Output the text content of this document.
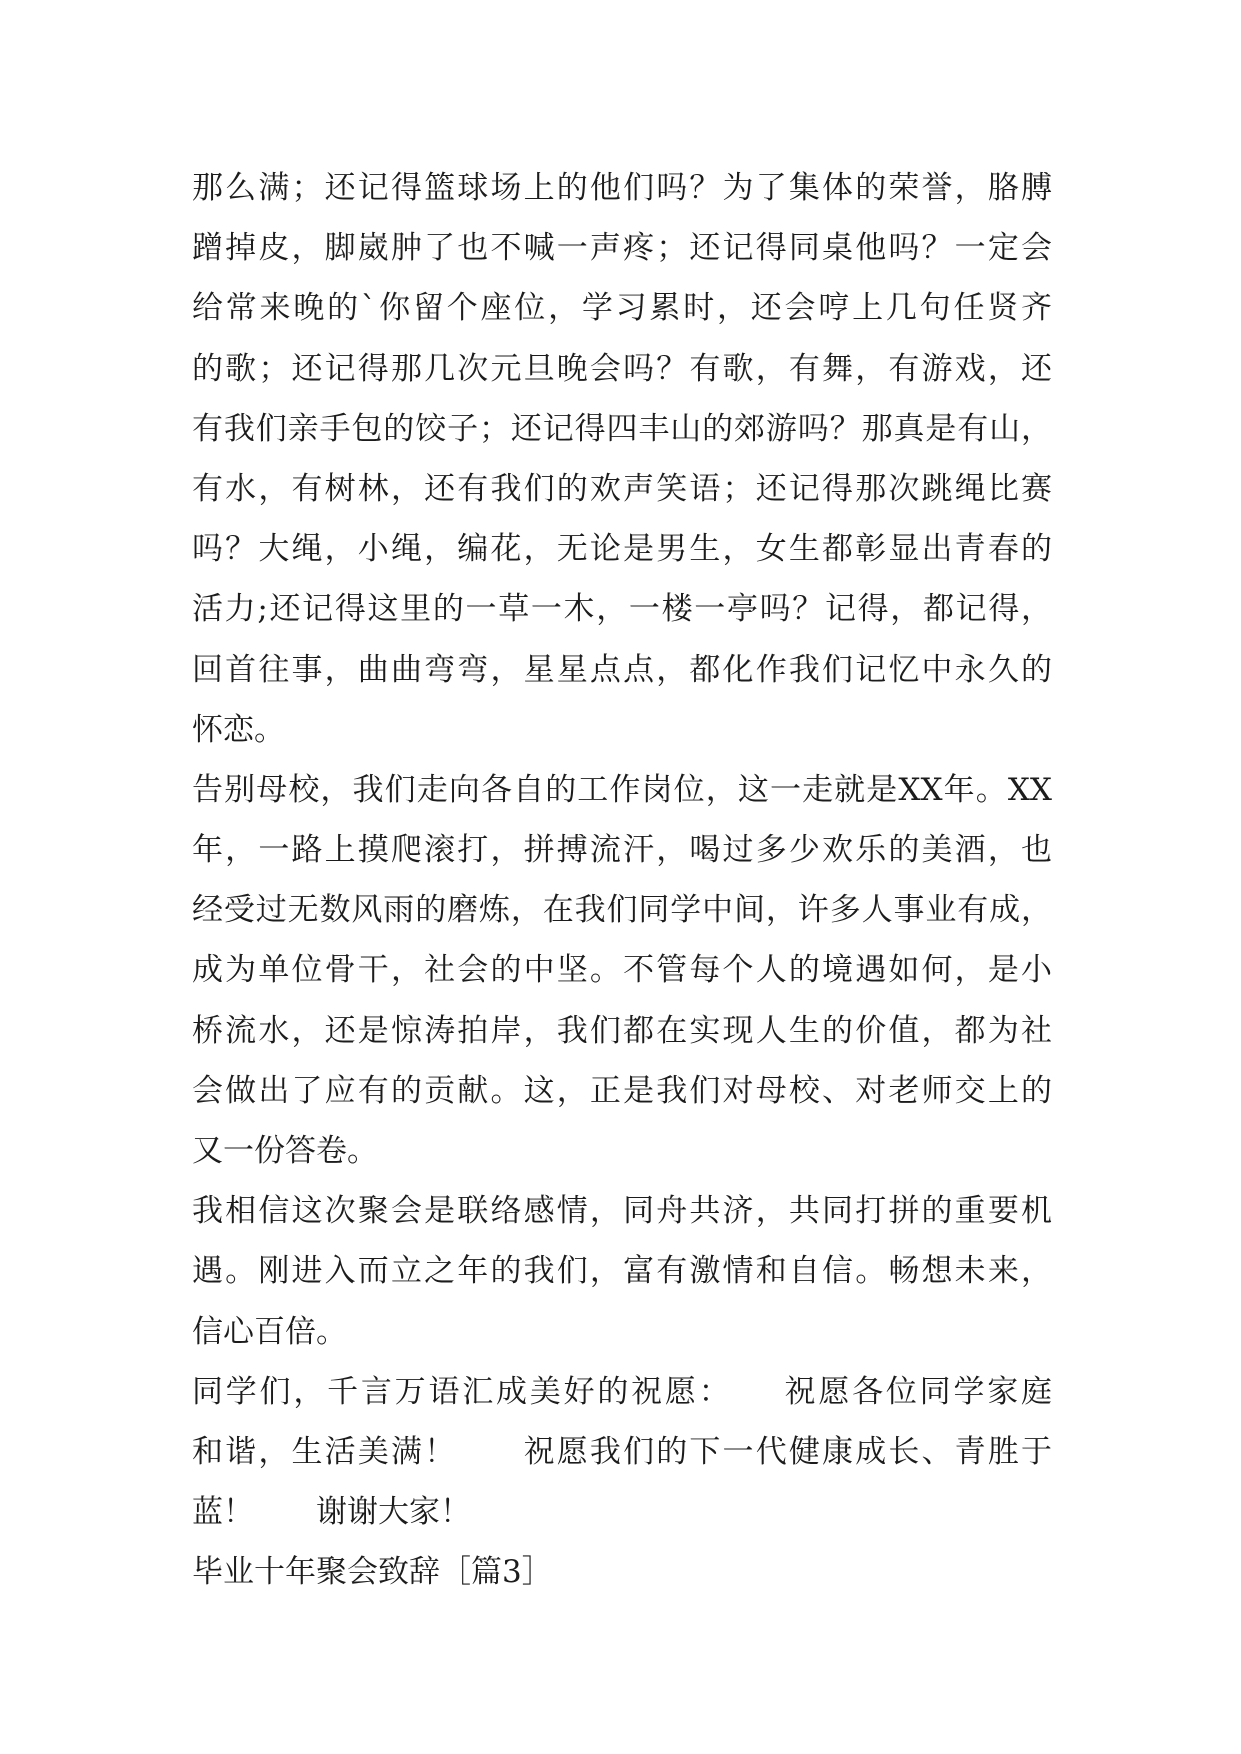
那么满；还记得篮球场上的他们吗？为了集体的荣誉，胳膊
蹭掉皮，脚崴肿了也不喊一声疼；还记得同桌他吗？一定会
给常来晚的`你留个座位，学习累时，还会哼上几句任贤齐
的歌；还记得那几次元旦晚会吗？有歌，有舞，有游戏，还
有我们亲手包的饺子；还记得四丰山的郊游吗？那真是有山，
有水，有树林，还有我们的欢声笑语；还记得那次跳绳比赛
吗？大绳，小绳，编花，无论是男生，女生都彰显出青春的
活力;还记得这里的一草一木，一楼一亭吗？记得，都记得，
回首往事，曲曲弯弯，星星点点，都化作我们记忆中永久的
怀恋。
告别母校，我们走向各自的工作岗位，这一走就是XX年。XX
年，一路上摸爬滚打，拼搏流汗，喝过多少欢乐的美酒，也
经受过无数风雨的磨炼，在我们同学中间，许多人事业有成，
成为单位骨干，社会的中坚。不管每个人的境遇如何，是小
桥流水，还是惊涛拍岸，我们都在实现人生的价值，都为社
会做出了应有的贡献。这，正是我们对母校、对老师交上的
又一份答卷。
我相信这次聚会是联络感情，同舟共济，共同打拼的重要机
遇。刚进入而立之年的我们，富有激情和自信。畅想未来，
信心百倍。
同学们，千言万语汇成美好的祝愿：　　祝愿各位同学家庭
和谐，生活美满！　　祝愿我们的下一代健康成长、青胜于
蓝！　　谢谢大家！
毕业十年聚会致辞［篇3］
